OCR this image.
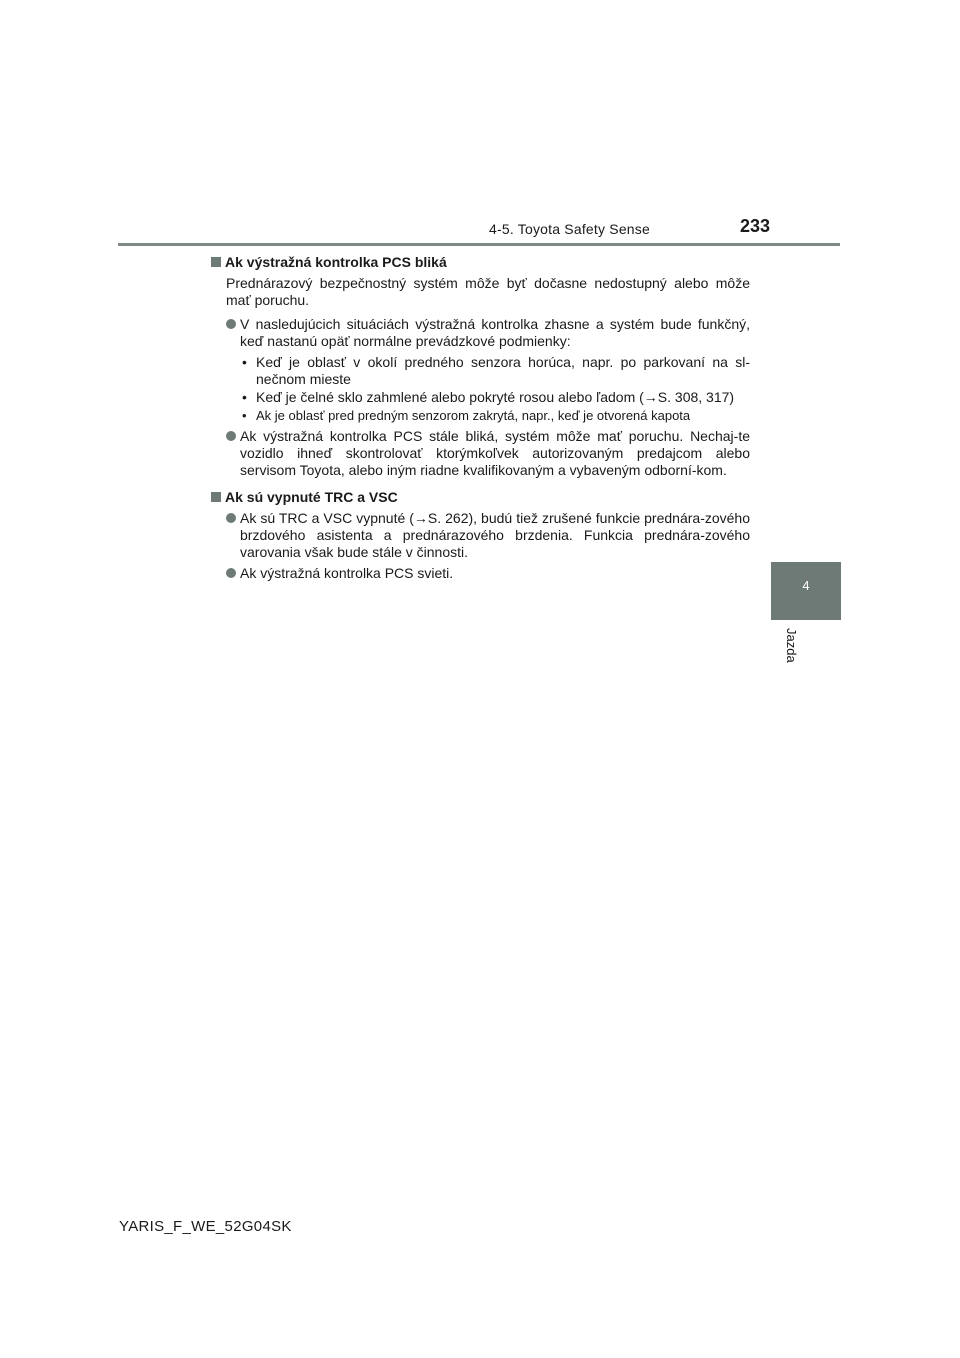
4-5. Toyota Safety Sense	233
4
Jazda
Ak výstražná kontrolka PCS bliká
Prednárazový bezpečnostný systém môže byť dočasne nedostupný alebo môže mať poruchu.
V nasledujúcich situáciách výstražná kontrolka zhasne a systém bude funkčný, keď nastanú opäť normálne prevádzkové podmienky:
• Keď je oblasť v okolí predného senzora horúca, napr. po parkovaní na sl-nečnom mieste
• Keď je čelné sklo zahmlené alebo pokryté rosou alebo ľadom (→S. 308, 317)
• Ak je oblasť pred predným senzorom zakrytá, napr., keď je otvorená kapota
Ak výstražná kontrolka PCS stále bliká, systém môže mať poruchu. Nechaj-te vozidlo ihneď skontrolovať ktorýmkoľvek autorizovaným predajcom alebo servisom Toyota, alebo iným riadne kvalifikovaným a vybaveným odborní-kom.
Ak sú vypnuté TRC a VSC
Ak sú TRC a VSC vypnuté (→S. 262), budú tiež zrušené funkcie prednára-zového brzdového asistenta a prednárazového brzdenia. Funkcia prednára-zového varovania však bude stále v činnosti.
Ak výstražná kontrolka PCS svieti.
YARIS_F_WE_52G04SK
